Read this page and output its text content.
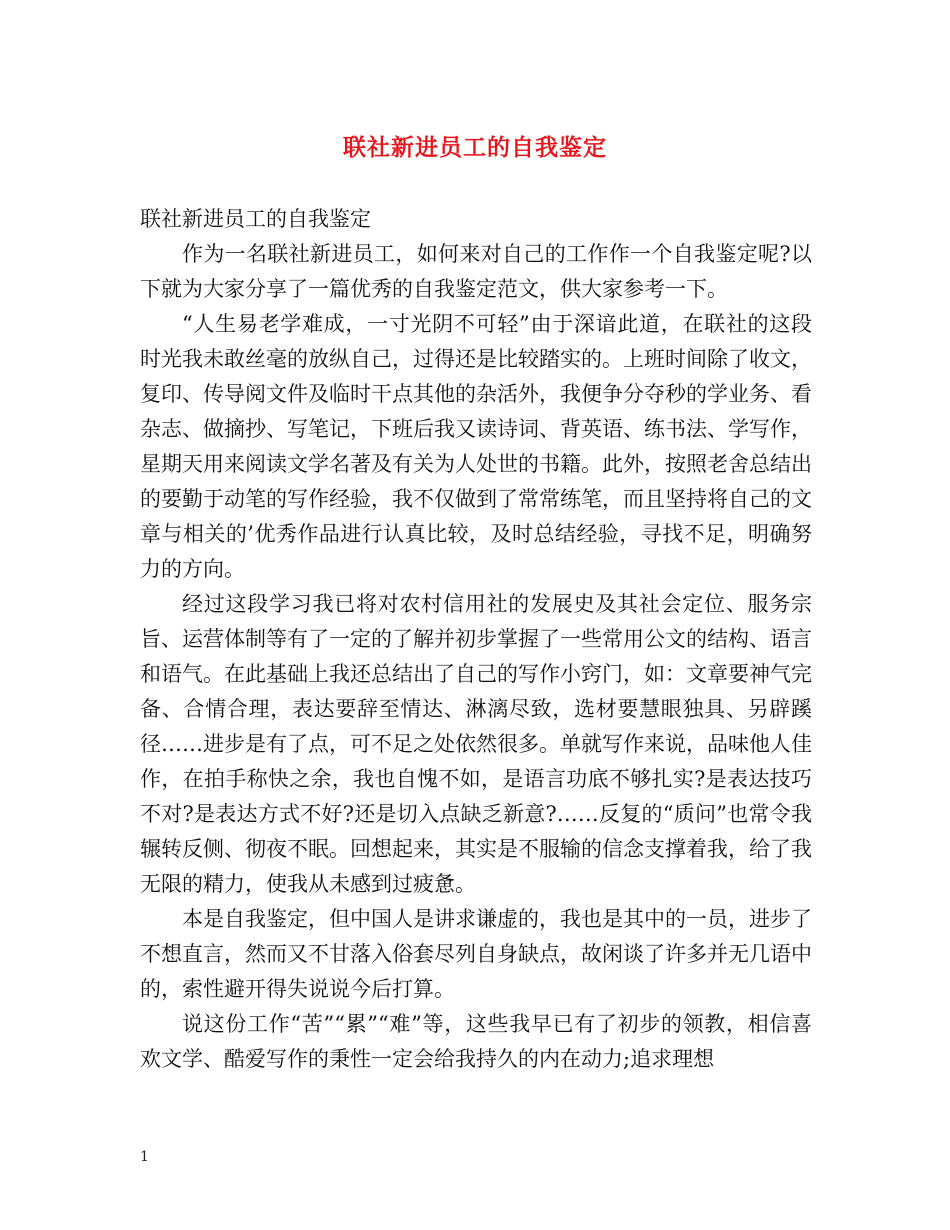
联社新进员工的自我鉴定

联社新进员工的自我鉴定

作为一名联社新进员工，如何来对自己的工作作一个自我鉴定呢?以下就为大家分享了一篇优秀的自我鉴定范文，供大家参考一下。

“人生易老学难成，一寸光阴不可轻”由于深谙此道，在联社的这段时光我未敢丝毫的放纵自己，过得还是比较踏实的。上班时间除了收文，复印、传导阅文件及临时干点其他的杂活外，我便争分夺秒的学业务、看杂志、做摘抄、写笔记，下班后我又读诗词、背英语、练书法、学写作，星期天用来阅读文学名著及有关为人处世的书籍。此外，按照老舍总结出的要勤于动笔的写作经验，我不仅做到了常常练笔，而且坚持将自己的文章与相关的’优秀作品进行认真比较，及时总结经验，寻找不足，明确努力的方向。

经过这段学习我已将对农村信用社的发展史及其社会定位、服务宗旨、运营体制等有了一定的了解并初步掌握了一些常用公文的结构、语言和语气。在此基础上我还总结出了自己的写作小窍门，如：文章要神气完备、合情合理，表达要辞至情达、淋漓尽致，选材要慧眼独具、另辟蹊径……进步是有了点，可不足之处依然很多。单就写作来说，品味他人佳作，在拍手称快之余，我也自愧不如，是语言功底不够扎实?是表达技巧不对?是表达方式不好?还是切入点缺乏新意?……反复的“质问”也常令我辗转反侧、彻夜不眠。回想起来，其实是不服输的信念支撑着我，给了我无限的精力，使我从未感到过疲惫。

本是自我鉴定，但中国人是讲求谦虚的，我也是其中的一员，进步了不想直言，然而又不甘落入俗套尽列自身缺点，故闲谈了许多并无几语中的，索性避开得失说说今后打算。

说这份工作“苦”“累”“难”等，这些我早已有了初步的领教，相信喜欢文学、酷爱写作的秉性一定会给我持久的内在动力;追求理想

1
